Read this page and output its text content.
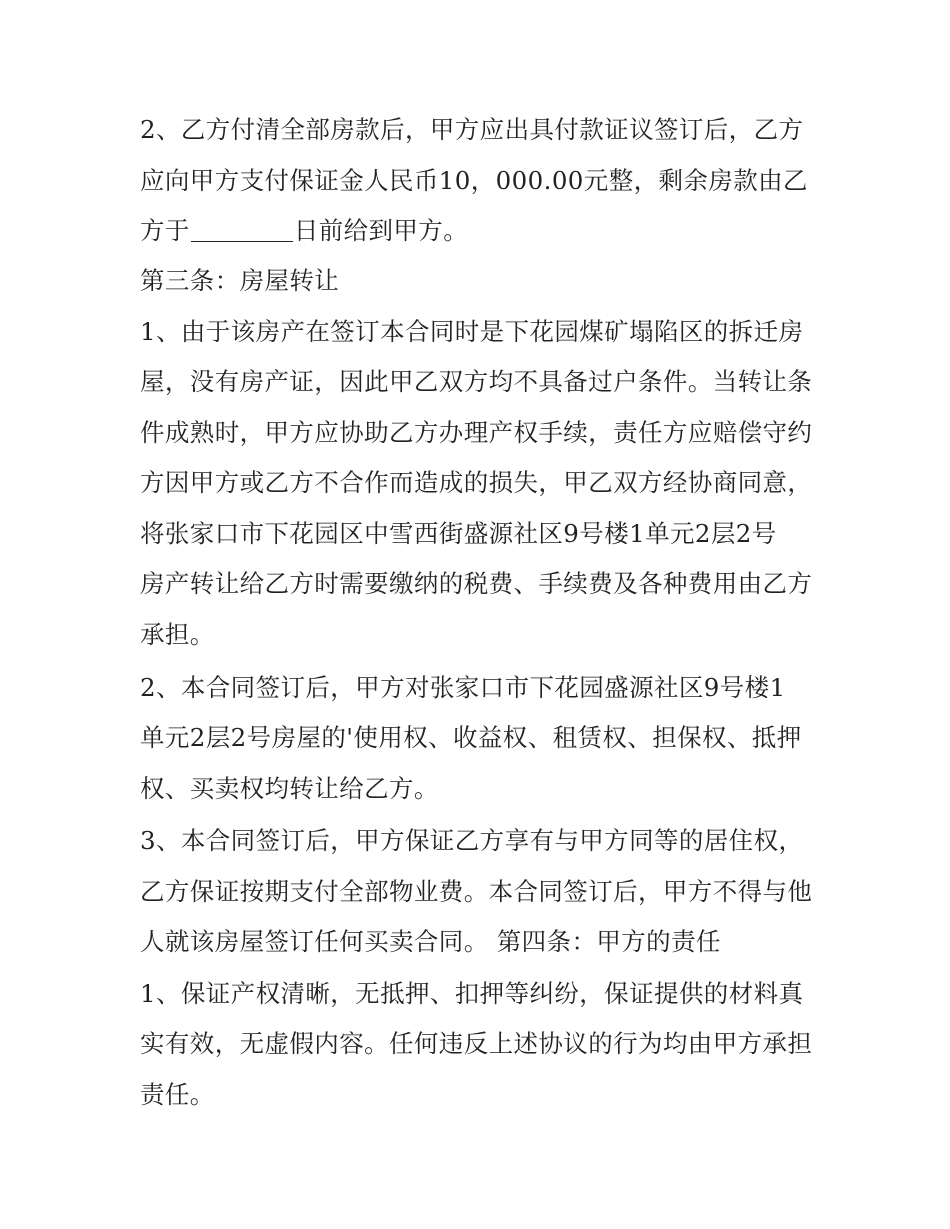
2、乙方付清全部房款后，甲方应出具付款证议签订后，乙方
应向甲方支付保证金人民币10，000.00元整，剩余房款由乙
方于	日前给到甲方。
第三条：房屋转让
1、由于该房产在签订本合同时是下花园煤矿塌陷区的拆迁房
屋，没有房产证，因此甲乙双方均不具备过户条件。当转让条
件成熟时，甲方应协助乙方办理产权手续，责任方应赔偿守约
方因甲方或乙方不合作而造成的损失，甲乙双方经协商同意，
将张家口市下花园区中雪西街盛源社区9号楼1单元2层2号
房产转让给乙方时需要缴纳的税费、手续费及各种费用由乙方
承担。
2、本合同签订后，甲方对张家口市下花园盛源社区9号楼1
单元2层2号房屋的'使用权、收益权、租赁权、担保权、抵押
权、买卖权均转让给乙方。
3、本合同签订后，甲方保证乙方享有与甲方同等的居住权，
乙方保证按期支付全部物业费。本合同签订后，甲方不得与他
人就该房屋签订任何买卖合同。 第四条：甲方的责任
1、保证产权清晰，无抵押、扣押等纠纷，保证提供的材料真
实有效，无虚假内容。任何违反上述协议的行为均由甲方承担
责任。
